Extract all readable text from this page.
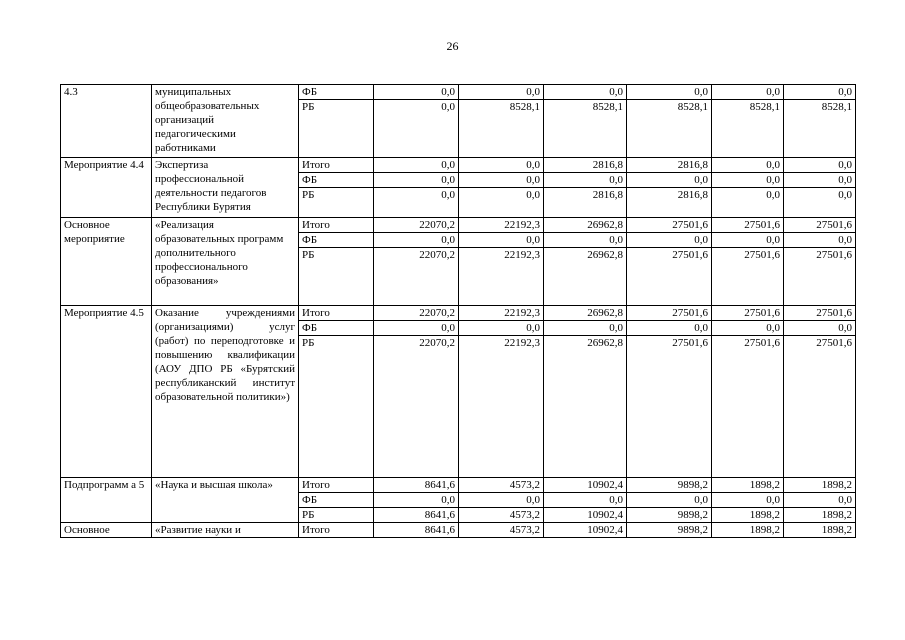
26
4.3	муниципальных общеобразовательных организаций педагогическими работниками	ФБ	0,0	0,0	0,0	0,0	0,0	0,0
		РБ	0,0	8528,1	8528,1	8528,1	8528,1	8528,1
Мероприятие 4.4	Экспертиза профессиональной деятельности педагогов Республики Бурятия	Итого	0,0	0,0	2816,8	2816,8	0,0	0,0
		ФБ	0,0	0,0	0,0	0,0	0,0	0,0
		РБ	0,0	0,0	2816,8	2816,8	0,0	0,0
Основное мероприятие	«Реализация образовательных программ дополнительного профессионального образования»	Итого	22070,2	22192,3	26962,8	27501,6	27501,6	27501,6
		ФБ	0,0	0,0	0,0	0,0	0,0	0,0
		РБ	22070,2	22192,3	26962,8	27501,6	27501,6	27501,6
Мероприятие 4.5	Оказание учреждениями (организациями) услуг (работ) по переподготовке и повышению квалификации (АОУ ДПО РБ «Бурятский республиканский институт образовательной политики»)	Итого	22070,2	22192,3	26962,8	27501,6	27501,6	27501,6
		ФБ	0,0	0,0	0,0	0,0	0,0	0,0
		РБ	22070,2	22192,3	26962,8	27501,6	27501,6	27501,6
Подпрограмм а 5	«Наука и высшая школа»	Итого	8641,6	4573,2	10902,4	9898,2	1898,2	1898,2
		ФБ	0,0	0,0	0,0	0,0	0,0	0,0
		РБ	8641,6	4573,2	10902,4	9898,2	1898,2	1898,2
Основное	«Развитие науки и	Итого	8641,6	4573,2	10902,4	9898,2	1898,2	1898,2
